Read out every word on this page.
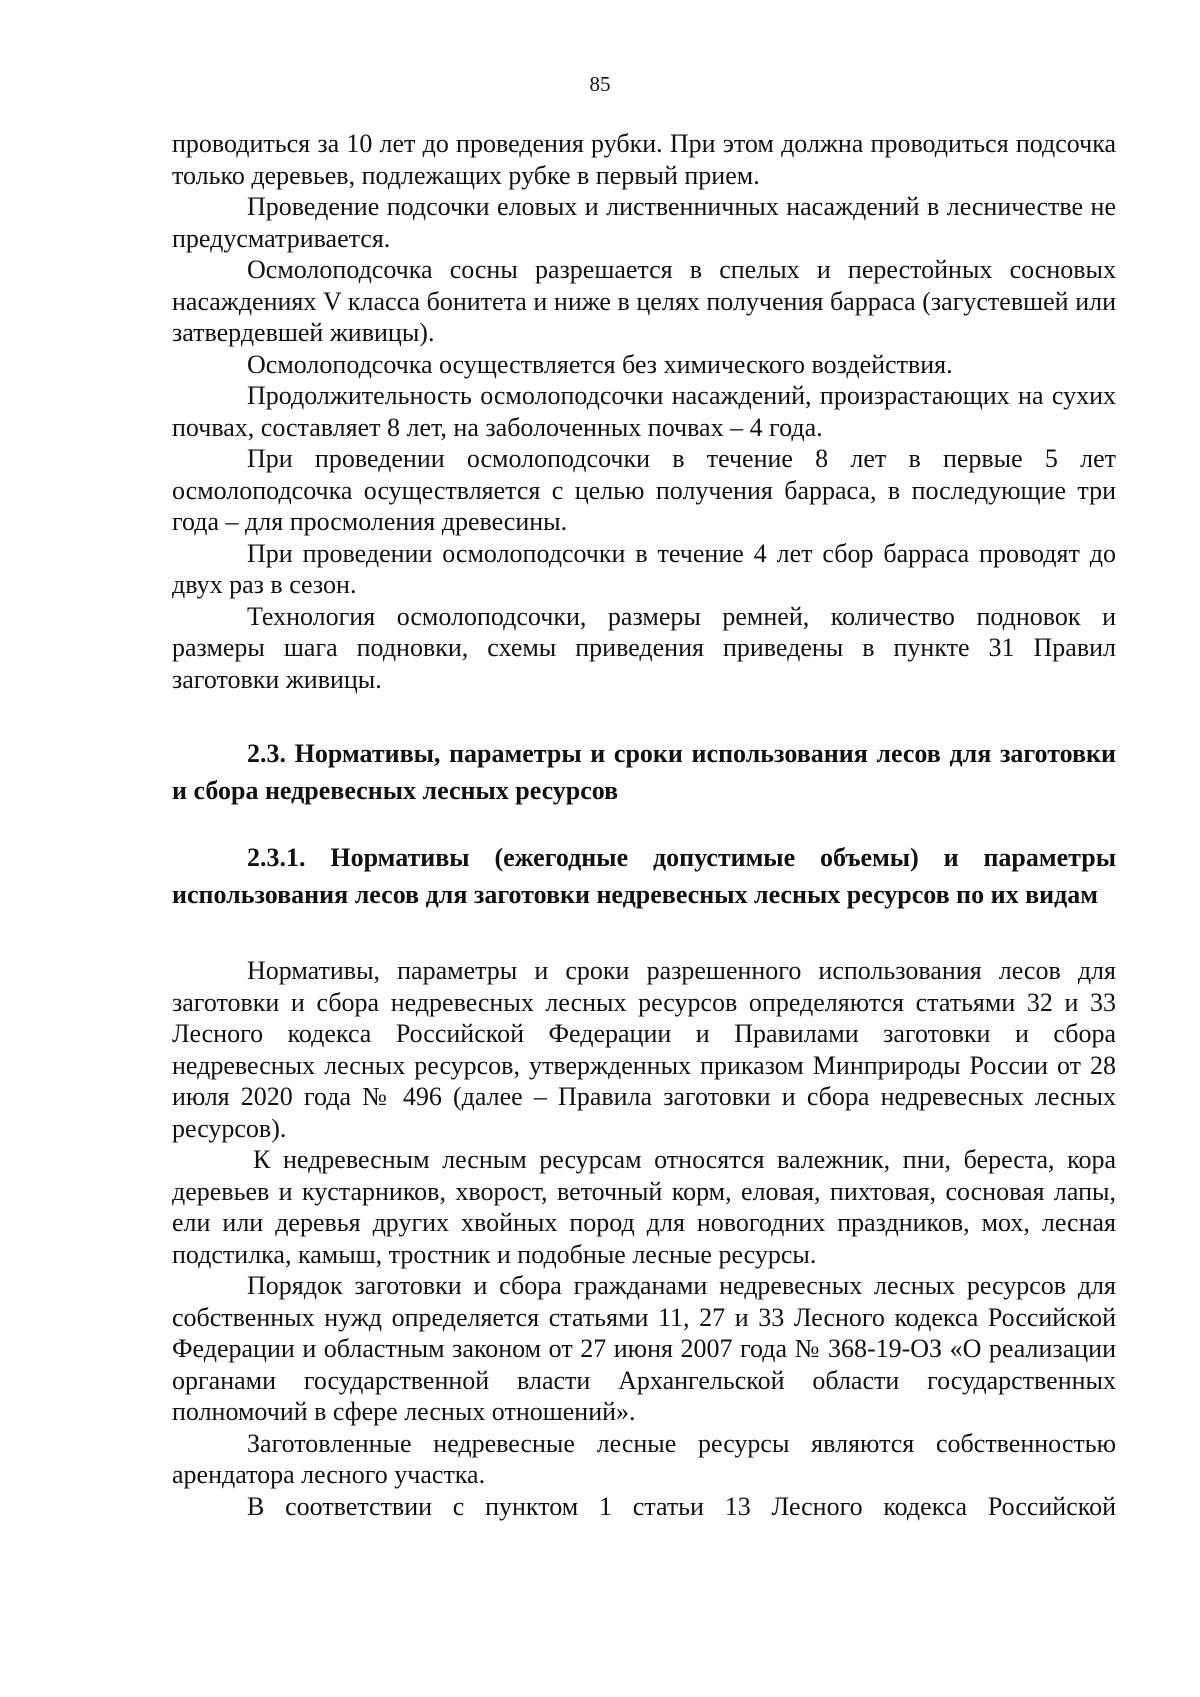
85

проводиться за 10 лет до проведения рубки. При этом должна проводиться подсочка только деревьев, подлежащих рубке в первый прием.

Проведение подсочки еловых и лиственничных насаждений в лесничестве не предусматривается.

Осмолоподсочка сосны разрешается в спелых и перестойных сосновых насаждениях V класса бонитета и ниже в целях получения барраса (загустевшей или затвердевшей живицы).

Осмолоподсочка осуществляется без химического воздействия.

Продолжительность осмолоподсочки насаждений, произрастающих на сухих почвах, составляет 8 лет, на заболоченных почвах – 4 года.

При проведении осмолоподсочки в течение 8 лет в первые 5 лет осмолоподсочка осуществляется с целью получения барраса, в последующие три года – для просмоления древесины.

При проведении осмолоподсочки в течение 4 лет сбор барраса проводят до двух раз в сезон.

Технология осмолоподсочки, размеры ремней, количество подновок и размеры шага подновки, схемы приведения приведены в пункте 31 Правил заготовки живицы.

2.3. Нормативы, параметры и сроки использования лесов для заготовки и сбора недревесных лесных ресурсов

2.3.1. Нормативы (ежегодные допустимые объемы) и параметры использования лесов для заготовки недревесных лесных ресурсов по их видам

Нормативы, параметры и сроки разрешенного использования лесов для заготовки и сбора недревесных лесных ресурсов определяются статьями 32 и 33 Лесного кодекса Российской Федерации и Правилами заготовки и сбора недревесных лесных ресурсов, утвержденных приказом Минприроды России от 28 июля 2020 года № 496 (далее – Правила заготовки и сбора недревесных лесных ресурсов).

К недревесным лесным ресурсам относятся валежник, пни, береста, кора деревьев и кустарников, хворост, веточный корм, еловая, пихтовая, сосновая лапы, ели или деревья других хвойных пород для новогодних праздников, мох, лесная подстилка, камыш, тростник и подобные лесные ресурсы.

Порядок заготовки и сбора гражданами недревесных лесных ресурсов для собственных нужд определяется статьями 11, 27 и 33 Лесного кодекса Российской Федерации и областным законом от 27 июня 2007 года № 368-19-ОЗ «О реализации органами государственной власти Архангельской области государственных полномочий в сфере лесных отношений».

Заготовленные недревесные лесные ресурсы являются собственностью арендатора лесного участка.

В соответствии с пунктом 1 статьи 13 Лесного кодекса Российской
